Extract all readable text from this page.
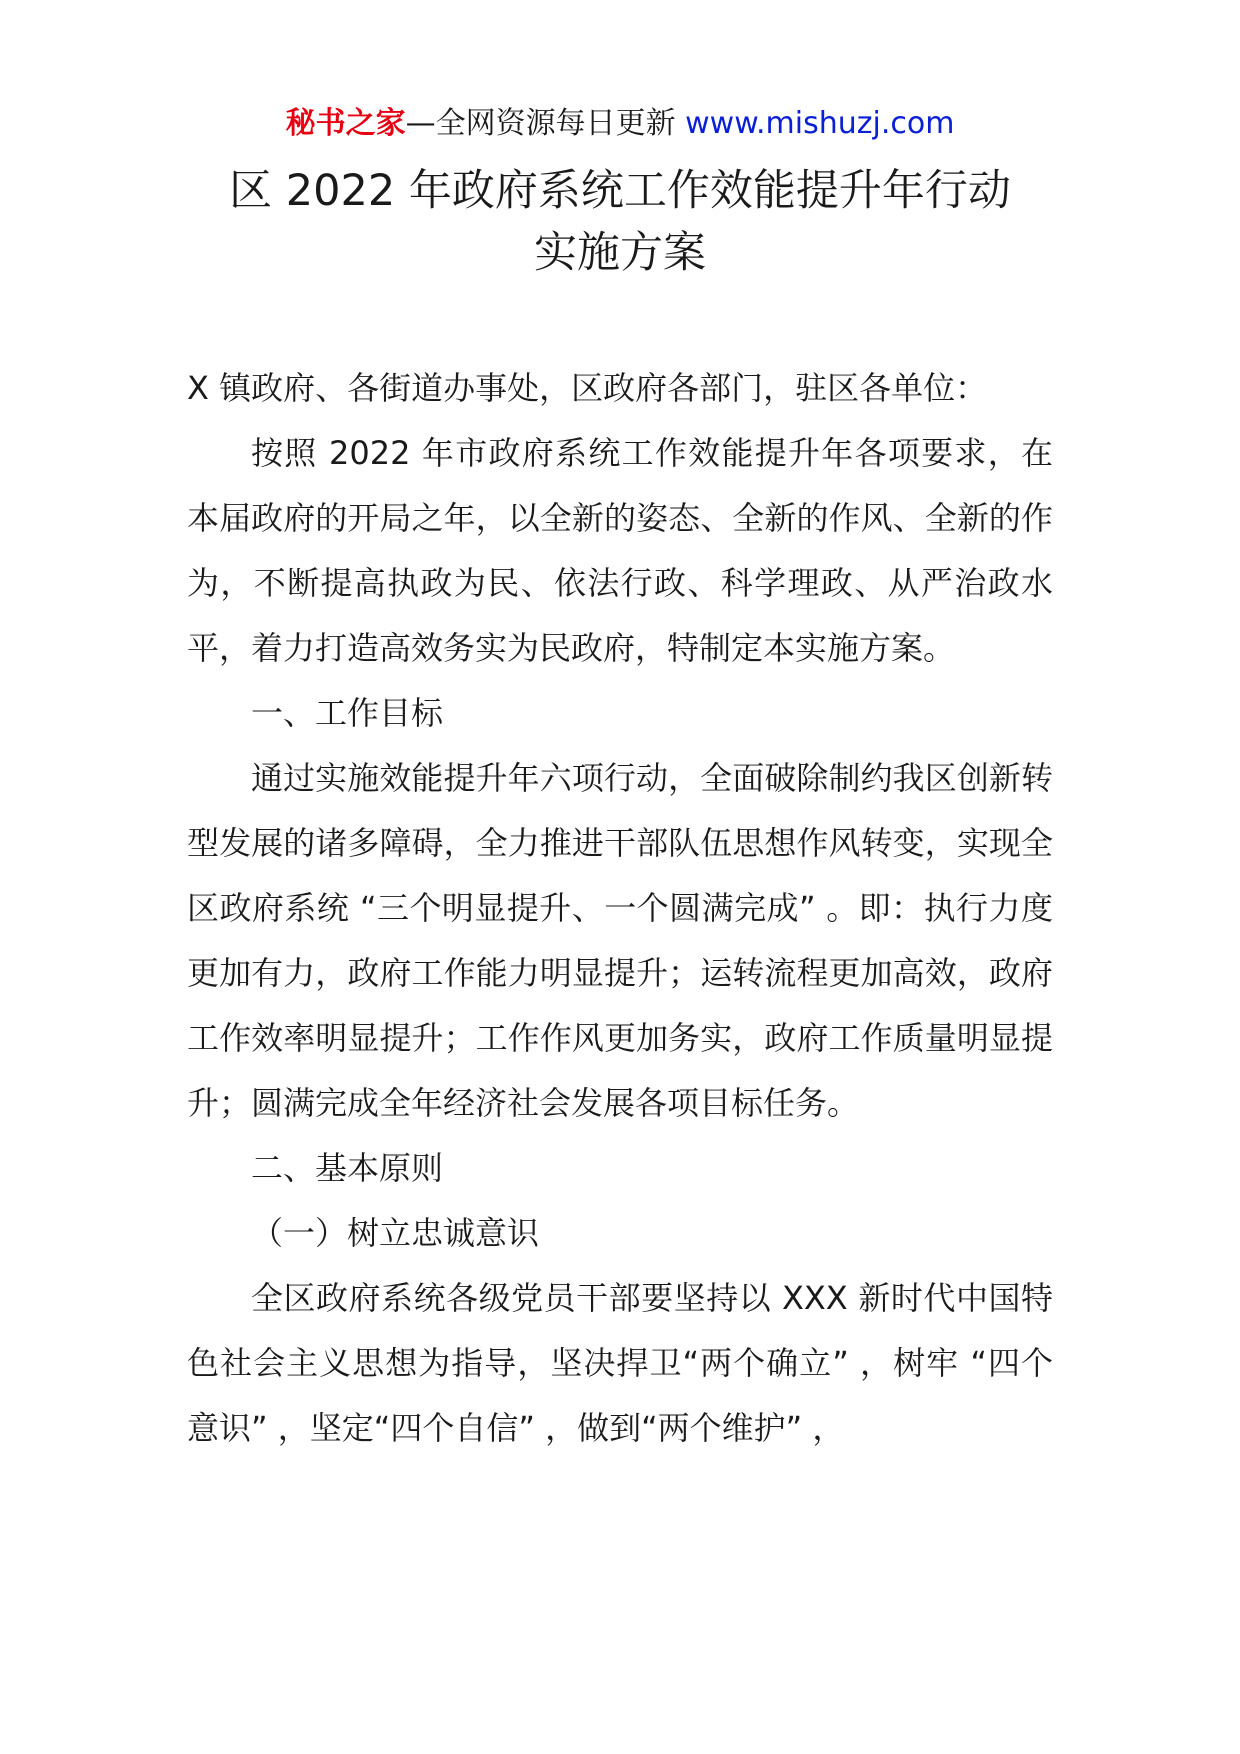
秘书之家—全网资源每日更新 www.mishuzj.com
区 2022 年政府系统工作效能提升年行动
实施方案

X 镇政府、各街道办事处，区政府各部门，驻区各单位：

按照 2022 年市政府系统工作效能提升年各项要求，在本届政府的开局之年，以全新的姿态、全新的作风、全新的作为，不断提高执政为民、依法行政、科学理政、从严治政水平，着力打造高效务实为民政府，特制定本实施方案。

一、工作目标

通过实施效能提升年六项行动，全面破除制约我区创新转型发展的诸多障碍，全力推进干部队伍思想作风转变，实现全区政府系统 “三个明显提升、一个圆满完成” 。即：执行力度更加有力，政府工作能力明显提升；运转流程更加高效，政府工作效率明显提升；工作作风更加务实，政府工作质量明显提升；圆满完成全年经济社会发展各项目标任务。

二、基本原则

（一）树立忠诚意识

全区政府系统各级党员干部要坚持以 XXX 新时代中国特色社会主义思想为指导，坚决捍卫“两个确立” ，树牢 “四个意识” ，坚定“四个自信” ，做到“两个维护” ，
